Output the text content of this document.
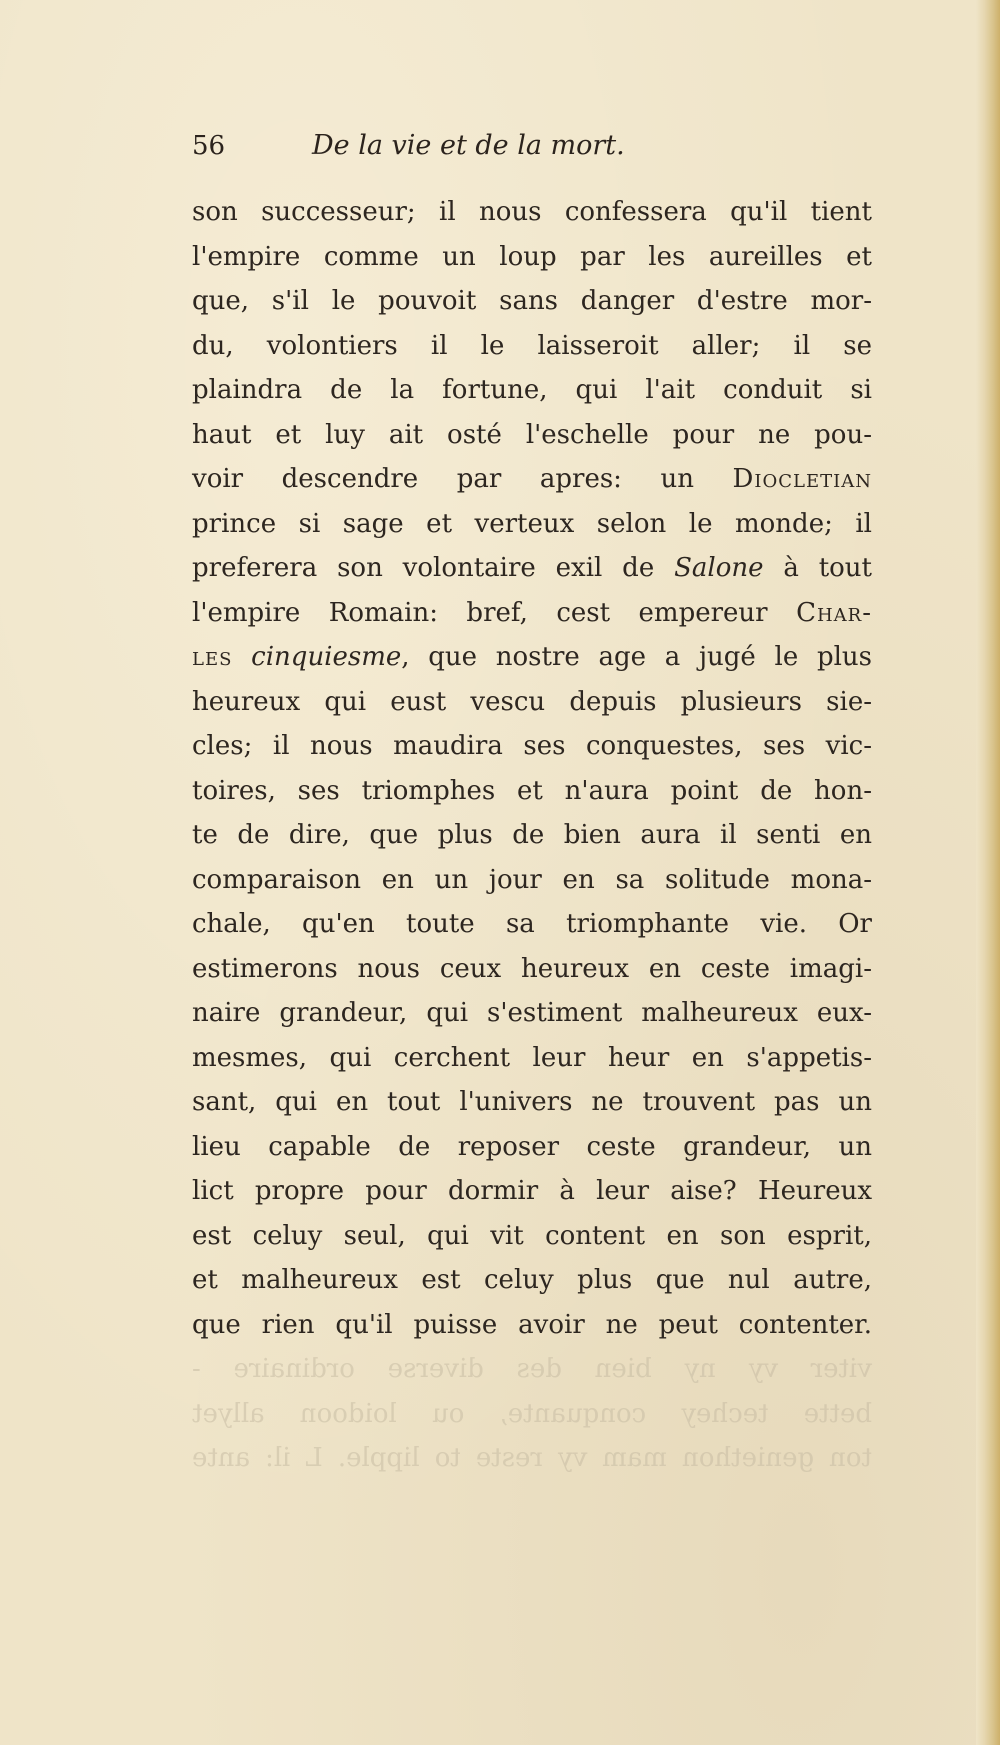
56	De la vie et de la mort.
son successeur; il nous confessera qu'il tient
l'empire comme un loup par les aureilles et
que, s'il le pouvoit sans danger d'estre mor-
du, volontiers il le laisseroit aller; il se
plaindra de la fortune, qui l'ait conduit si
haut et luy ait osté l'eschelle pour ne pou-
voir descendre par apres: un Diocletian
prince si sage et verteux selon le monde; il
preferera son volontaire exil de Salone à tout
l'empire Romain: bref, cest empereur Char-
les cinquiesme, que nostre age a jugé le plus
heureux qui eust vescu depuis plusieurs sie-
cles; il nous maudira ses conquestes, ses vic-
toires, ses triomphes et n'aura point de hon-
te de dire, que plus de bien aura il senti en
comparaison en un jour en sa solitude mona-
chale, qu'en toute sa triomphante vie. Or
estimerons nous ceux heureux en ceste imagi-
naire grandeur, qui s'estiment malheureux eux-
mesmes, qui cerchent leur heur en s'appetis-
sant, qui en tout l'univers ne trouvent pas un
lieu capable de reposer ceste grandeur, un
lict propre pour dormir à leur aise? Heureux
est celuy seul, qui vit content en son esprit,
et malheureux est celuy plus que nul autre,
que rien qu'il puisse avoir ne peut contenter.
viter vy ny bien des diverse ordinaire -
bette techey conquante, ou loidoon allyet
ton geniethon mam vy reste to lipple. L il: ante
